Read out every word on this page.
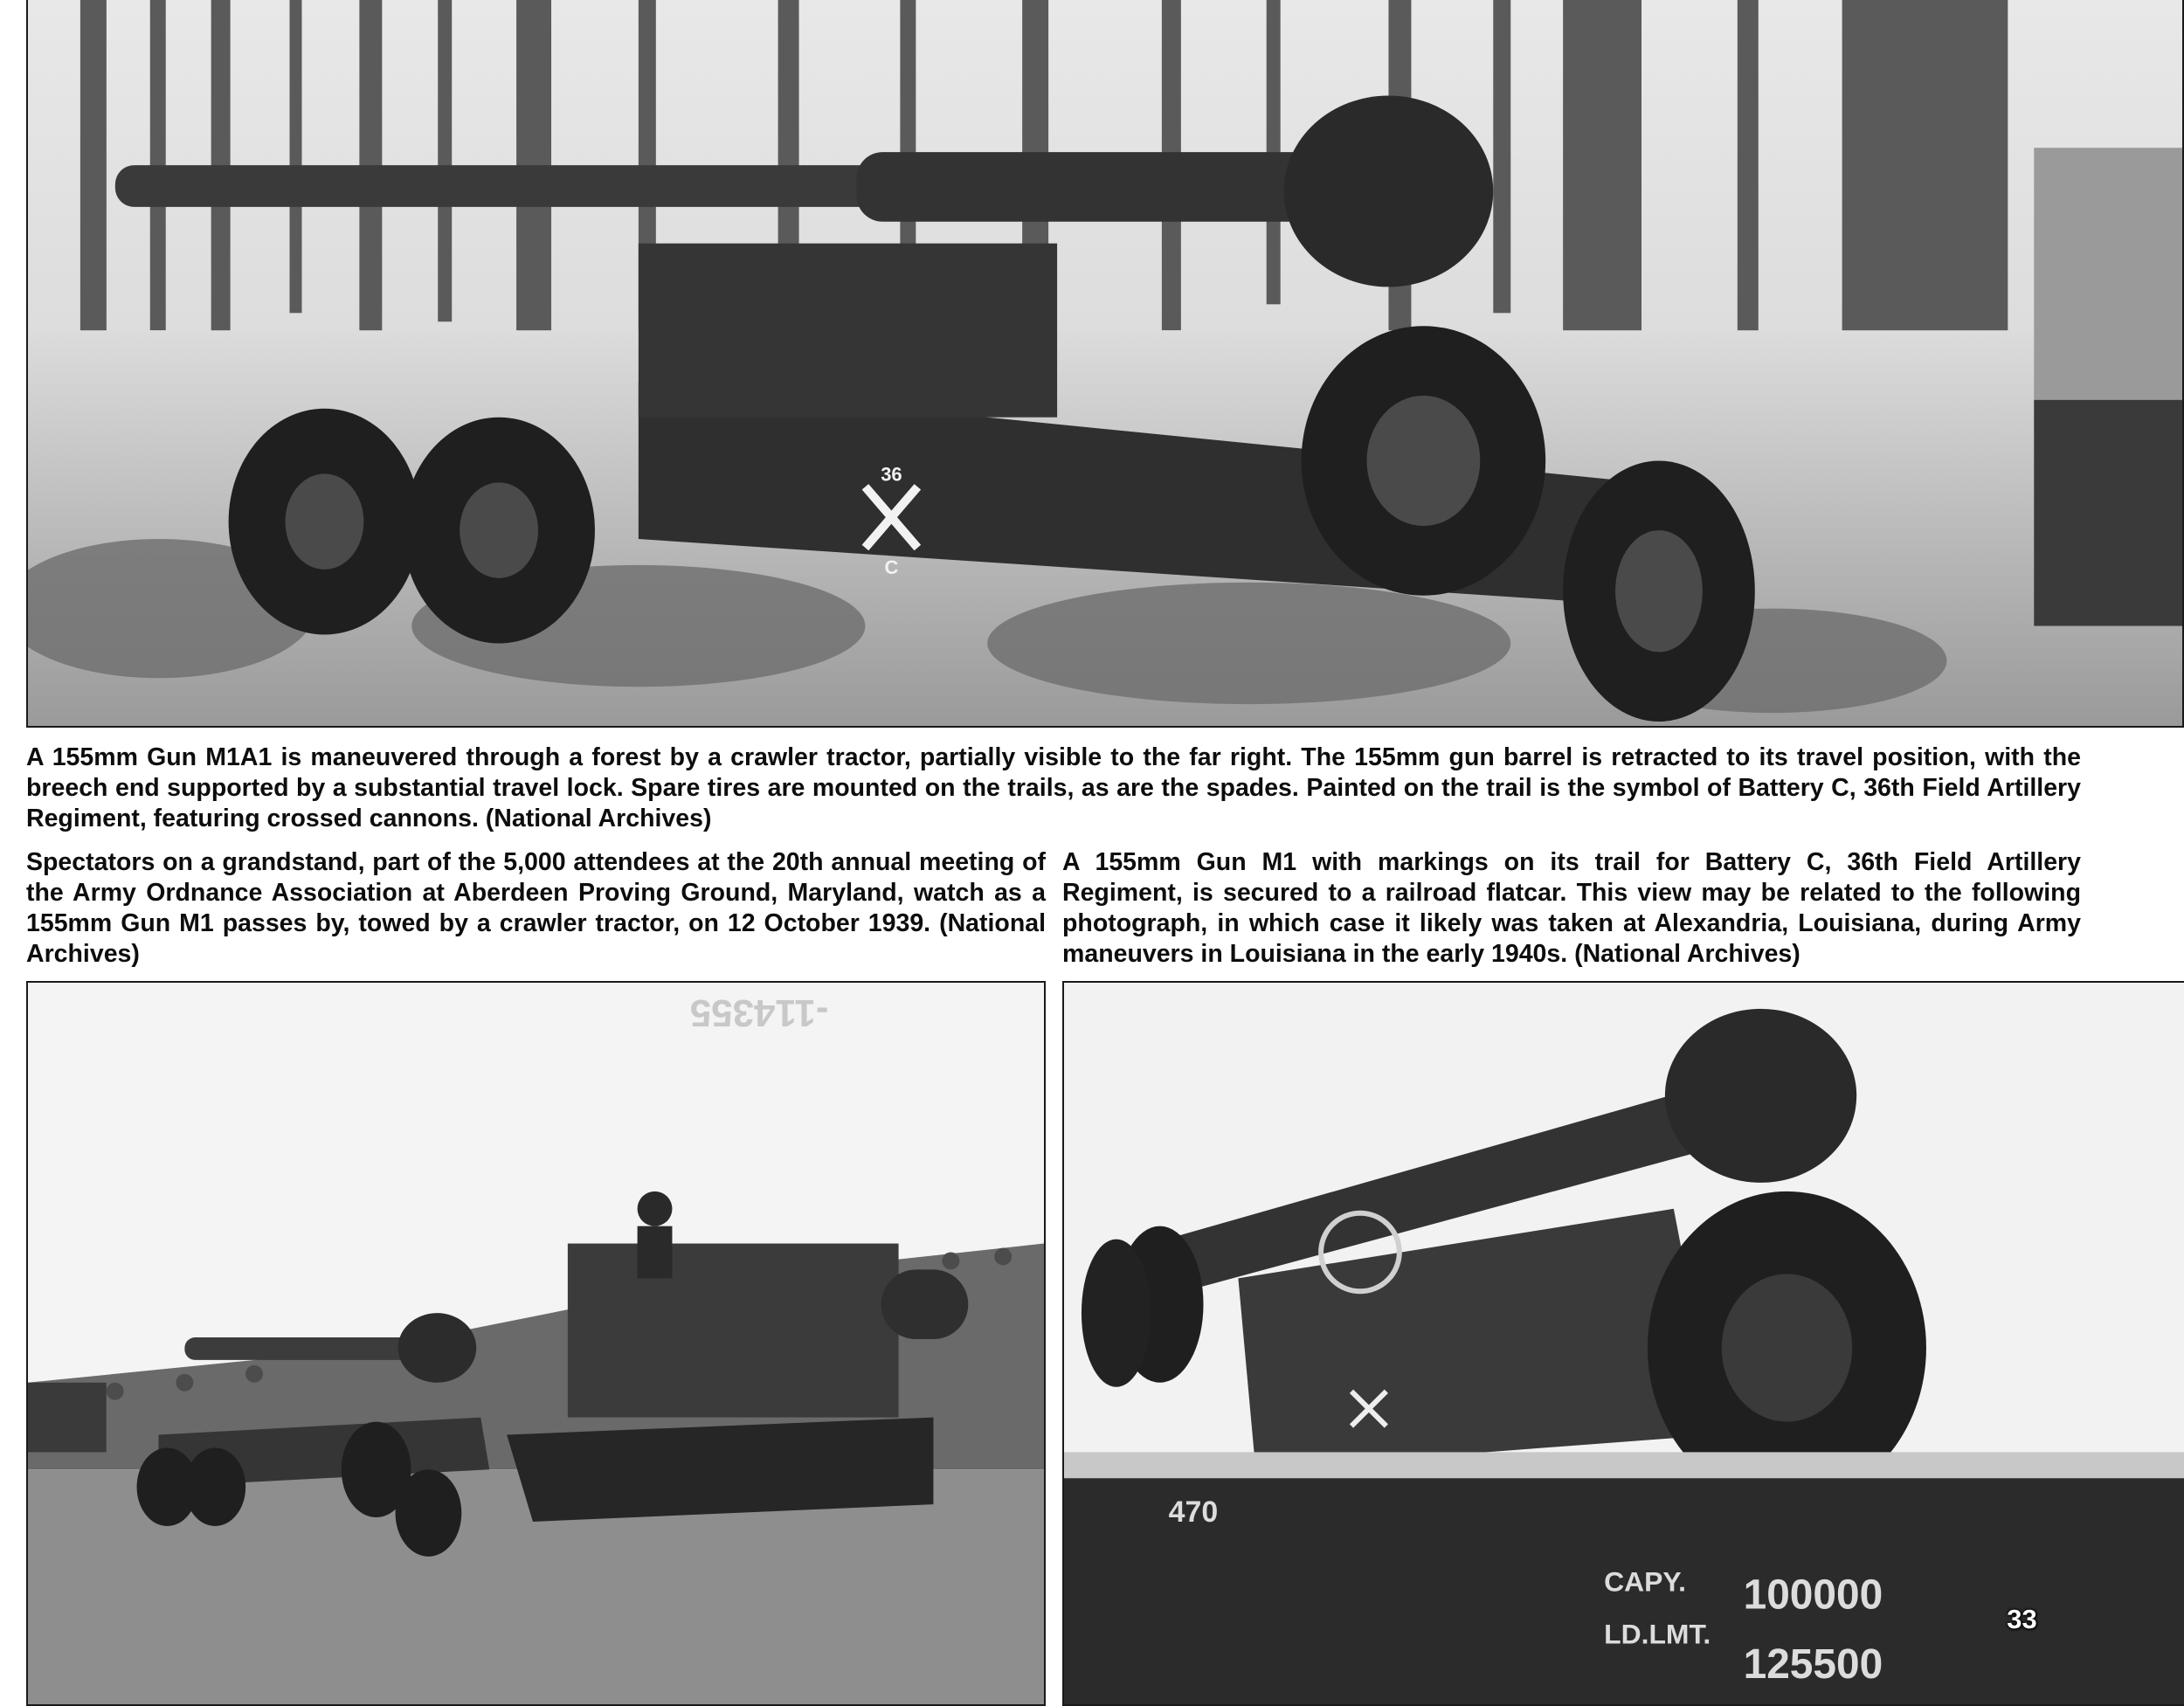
36
C

A 155mm Gun M1A1 is maneuvered through a forest by a crawler tractor, partially visible to the far right. The 155mm gun barrel is retracted to its travel position, with the breech end supported by a substantial travel lock. Spare tires are mounted on the trails, as are the spades. Painted on the trail is the symbol of Battery C, 36th Field Artillery Regiment, featuring crossed cannons. (National Archives)

Spectators on a grandstand, part of the 5,000 attendees at the 20th annual meeting of the Army Ordnance Association at Aberdeen Proving Ground, Maryland, watch as a 155mm Gun M1 passes by, towed by a crawler tractor, on 12 October 1939. (National Archives)

A 155mm Gun M1 with markings on its trail for Battery C, 36th Field Artillery Regiment, is secured to a railroad flatcar. This view may be related to the following photograph, in which case it likely was taken at Alexandria, Louisiana, during Army maneuvers in Louisiana in the early 1940s. (National Archives)

-114355
CAPY.
LD.LMT.
100000
125500
470
33
